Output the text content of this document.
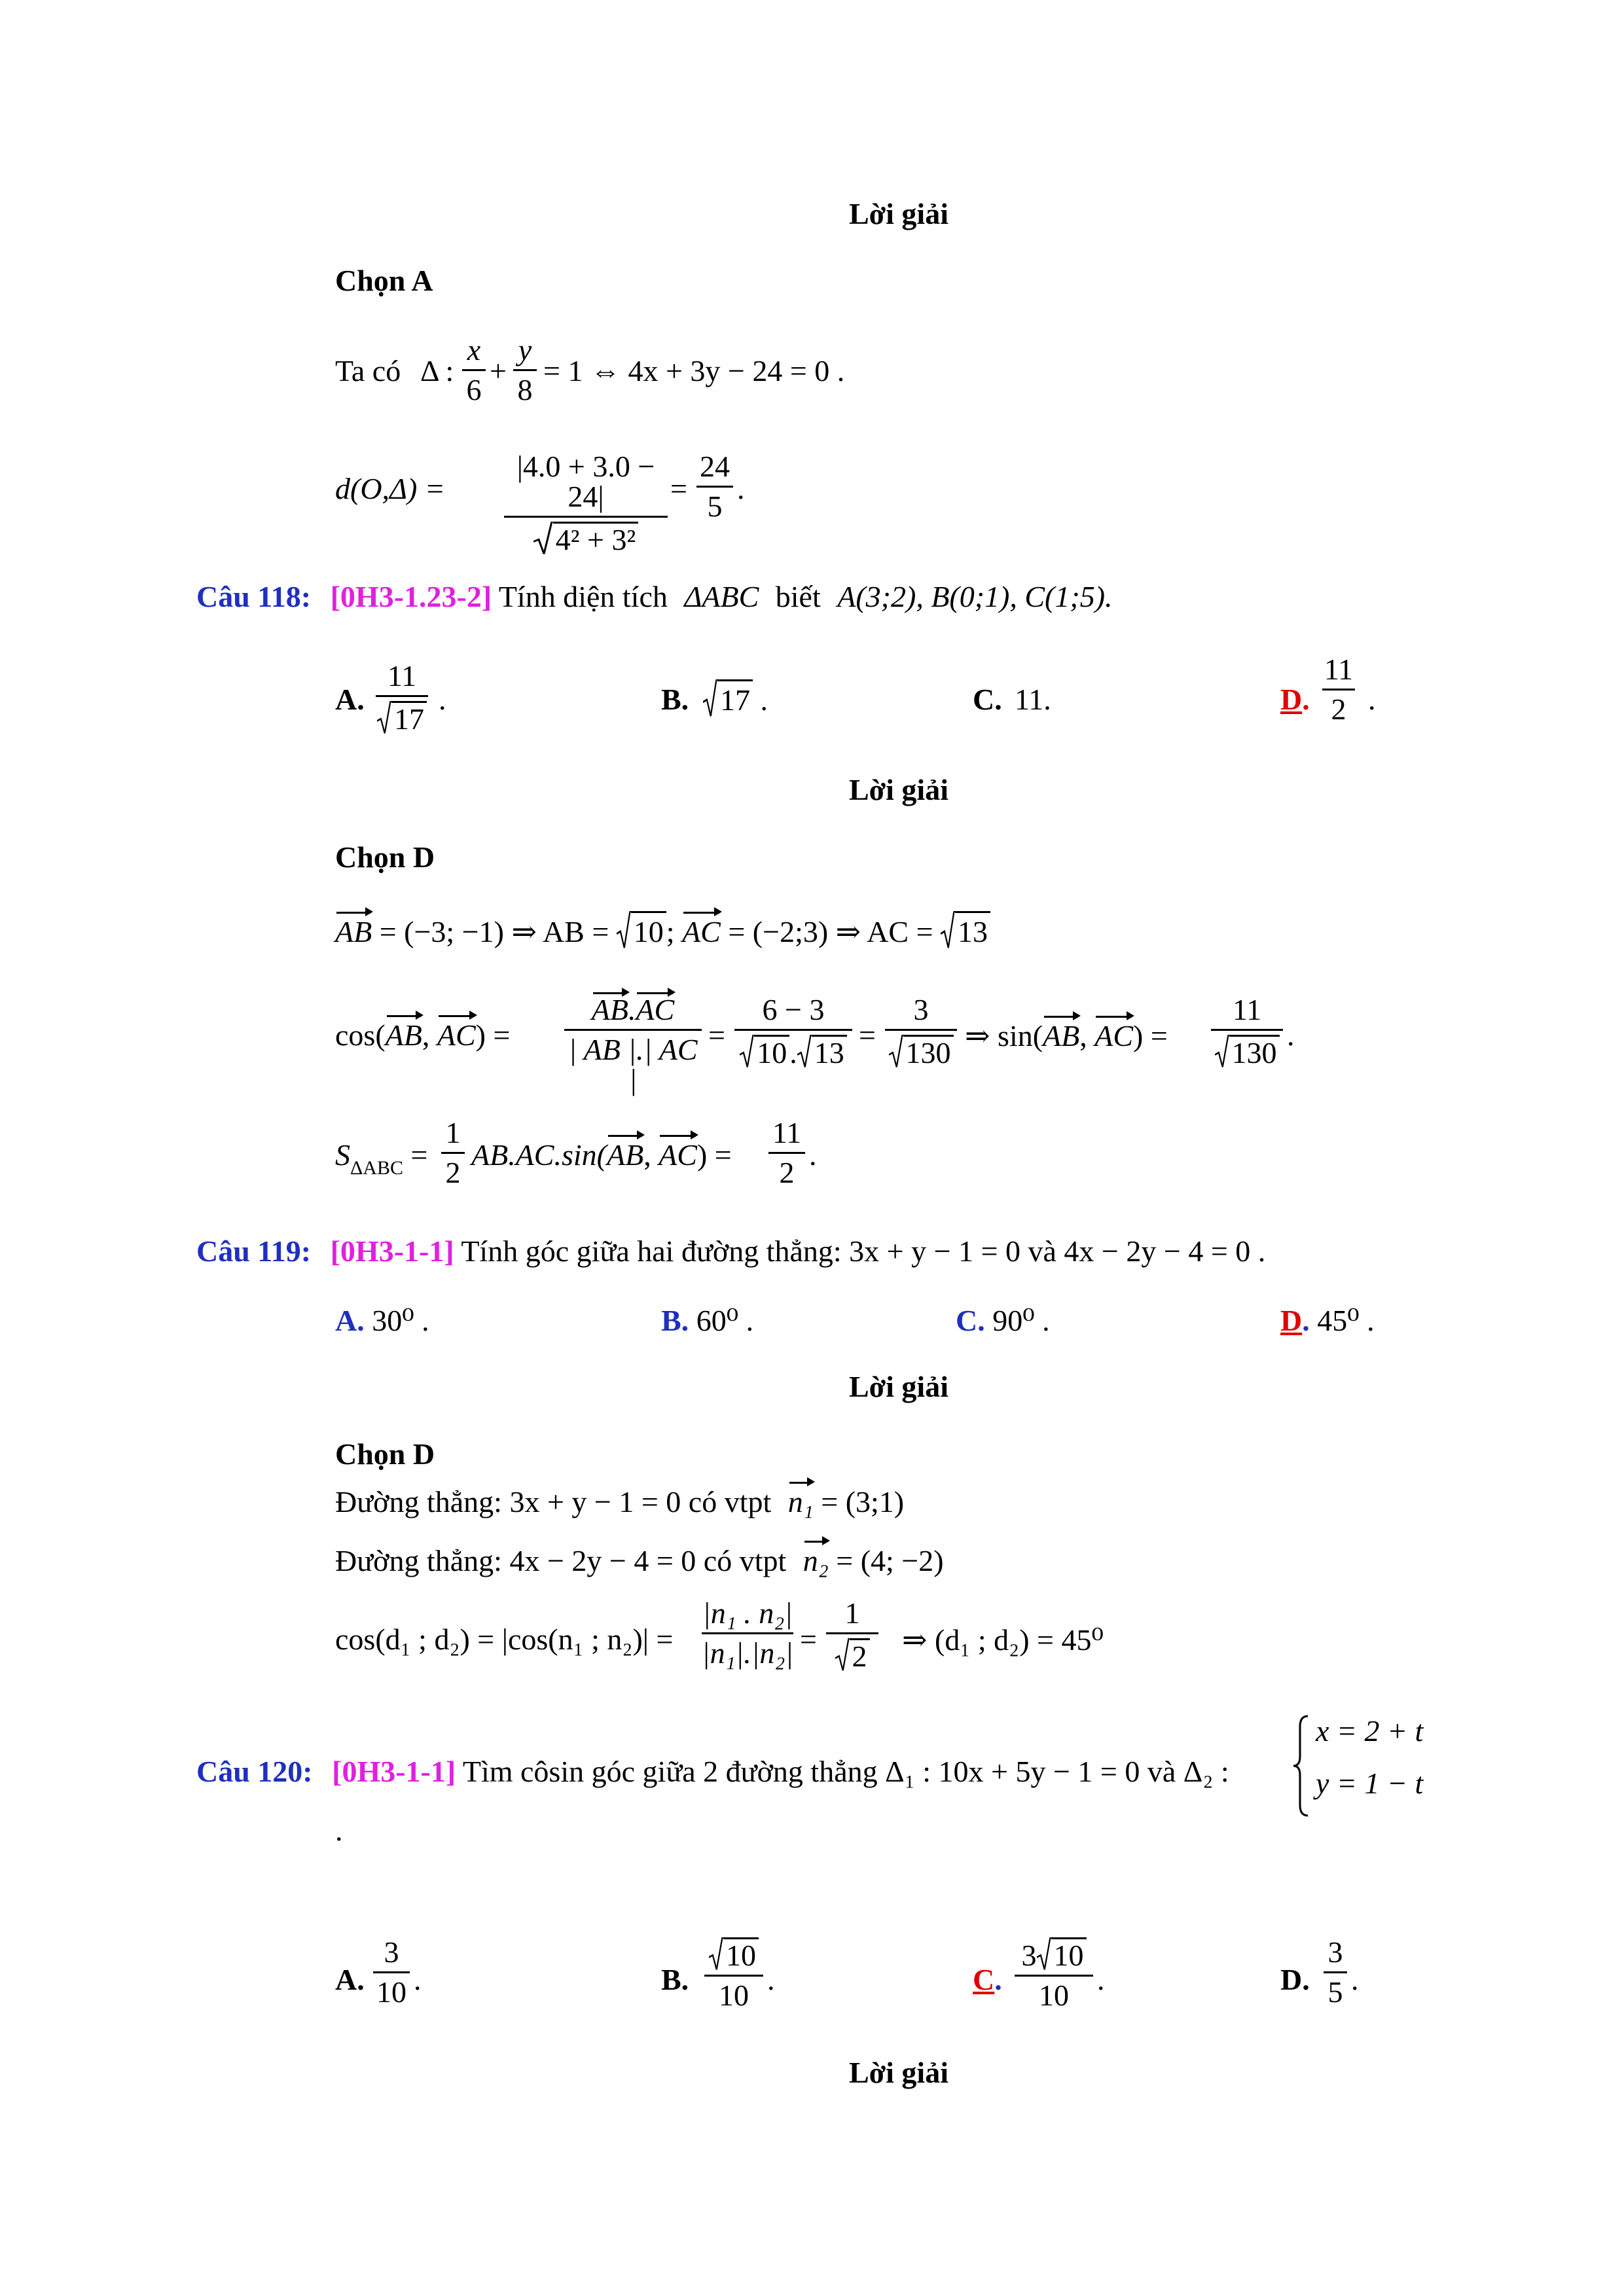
Lời giải
Chọn A
Ta có Δ :
x
6
+
y
8
= 1 ⇔ 4x + 3y − 24 = 0 .
d(O,Δ) =
|4.0 + 3.0 − 24|
4² + 3²
=
24
5
.
Câu 118: [0H3-1.23-2] Tính diện tích ΔABC biết A(3;2), B(0;1), C(1;5).
A.
11
17
.	B.	17 .	C. 11.	D.
11
2 .
Lời giải
Chọn D
AB = (−3; −1) ⇒ AB =
10; AC = (−2;3) ⇒ AC =
13
cos(AB, AC) =
AB.AC
| AB |.| AC |
=
6 − 3
10. 13
=
3
130
⇒ sin(AB, AC) =
11
130
.
$S_{\Delta ABC}$ =
1
2
AB.AC.sin(AB, AC) =
11
2
.
Câu 119: [0H3-1-1] Tính góc giữa hai đường thẳng: 3x + y − 1 = 0 và 4x − 2y − 4 = 0 .
A. 30⁰ .	B. 60⁰ .	C. 90⁰ .	D. 45⁰ .
Lời giải
Chọn D
Đường thẳng: 3x + y − 1 = 0 có vtpt n₁ = (3;1)
Đường thẳng: 4x − 2y − 4 = 0 có vtpt n₂ = (4; −2)
cos(d₁ ; d₂) = |cos(n₁ ; n₂)| =
|n₁ . n₂|
|n₁|.|n₂| =
1
2	⇒ (d₁ ; d₂) = 45⁰
Câu 120: [0H3-1-1] Tìm côsin góc giữa 2 đường thẳng Δ₁ : 10x + 5y − 1 = 0 và Δ₂ :
x = 2 + t
y = 1 − t
.
A.
3
10 .	B.
10
10 .	C.
3 10
10 .	D.
3
5 .
Lời giải
